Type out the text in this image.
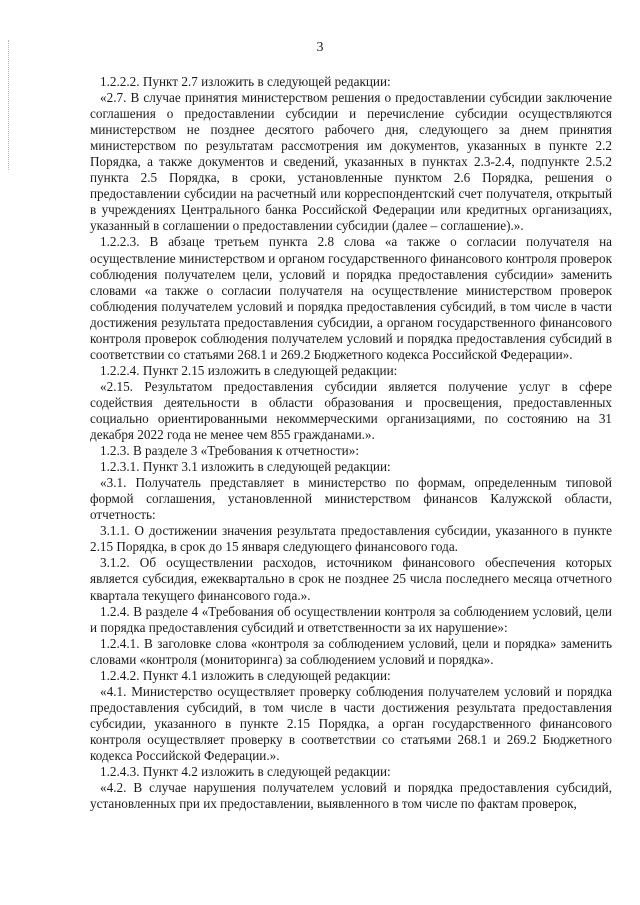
3

1.2.2.2. Пункт 2.7 изложить в следующей редакции:

«2.7. В случае принятия министерством решения о предоставлении субсидии заключение соглашения о предоставлении субсидии и перечисление субсидии осуществляются министерством не позднее десятого рабочего дня, следующего за днем принятия министерством по результатам рассмотрения им документов, указанных в пункте 2.2 Порядка, а также документов и сведений, указанных в пунктах 2.3-2.4, подпункте 2.5.2 пункта 2.5 Порядка, в сроки, установленные пунктом 2.6 Порядка, решения о предоставлении субсидии на расчетный или корреспондентский счет получателя, открытый в учреждениях Центрального банка Российской Федерации или кредитных организациях, указанный в соглашении о предоставлении субсидии (далее – соглашение).».

1.2.2.3. В абзаце третьем пункта 2.8 слова «а также о согласии получателя на осуществление министерством и органом государственного финансового контроля проверок соблюдения получателем цели, условий и порядка предоставления субсидии» заменить словами «а также о согласии получателя на осуществление министерством проверок соблюдения получателем условий и порядка предоставления субсидий, в том числе в части достижения результата предоставления субсидии, а органом государственного финансового контроля проверок соблюдения получателем условий и порядка предоставления субсидий в соответствии со статьями 268.1 и 269.2 Бюджетного кодекса Российской Федерации».

1.2.2.4. Пункт 2.15 изложить в следующей редакции:

«2.15. Результатом предоставления субсидии является получение услуг в сфере содействия деятельности в области образования и просвещения, предоставленных социально ориентированными некоммерческими организациями, по состоянию на 31 декабря 2022 года не менее чем 855 гражданами.».

1.2.3. В разделе 3 «Требования к отчетности»:

1.2.3.1. Пункт 3.1 изложить в следующей редакции:

«3.1. Получатель представляет в министерство по формам, определенным типовой формой соглашения, установленной министерством финансов Калужской области, отчетность:

3.1.1. О достижении значения результата предоставления субсидии, указанного в пункте 2.15 Порядка, в срок до 15 января следующего финансового года.

3.1.2. Об осуществлении расходов, источником финансового обеспечения которых является субсидия, ежеквартально в срок не позднее 25 числа последнего месяца отчетного квартала текущего финансового года.».

1.2.4. В разделе 4 «Требования об осуществлении контроля за соблюдением условий, цели и порядка предоставления субсидий и ответственности за их нарушение»:

1.2.4.1. В заголовке слова «контроля за соблюдением условий, цели и порядка» заменить словами «контроля (мониторинга) за соблюдением условий и порядка».

1.2.4.2. Пункт 4.1 изложить в следующей редакции:

«4.1. Министерство осуществляет проверку соблюдения получателем условий и порядка предоставления субсидий, в том числе в части достижения результата предоставления субсидии, указанного в пункте 2.15 Порядка, а орган государственного финансового контроля осуществляет проверку в соответствии со статьями 268.1 и 269.2 Бюджетного кодекса Российской Федерации.».

1.2.4.3. Пункт 4.2 изложить в следующей редакции:

«4.2. В случае нарушения получателем условий и порядка предоставления субсидий, установленных при их предоставлении, выявленного в том числе по фактам проверок,
